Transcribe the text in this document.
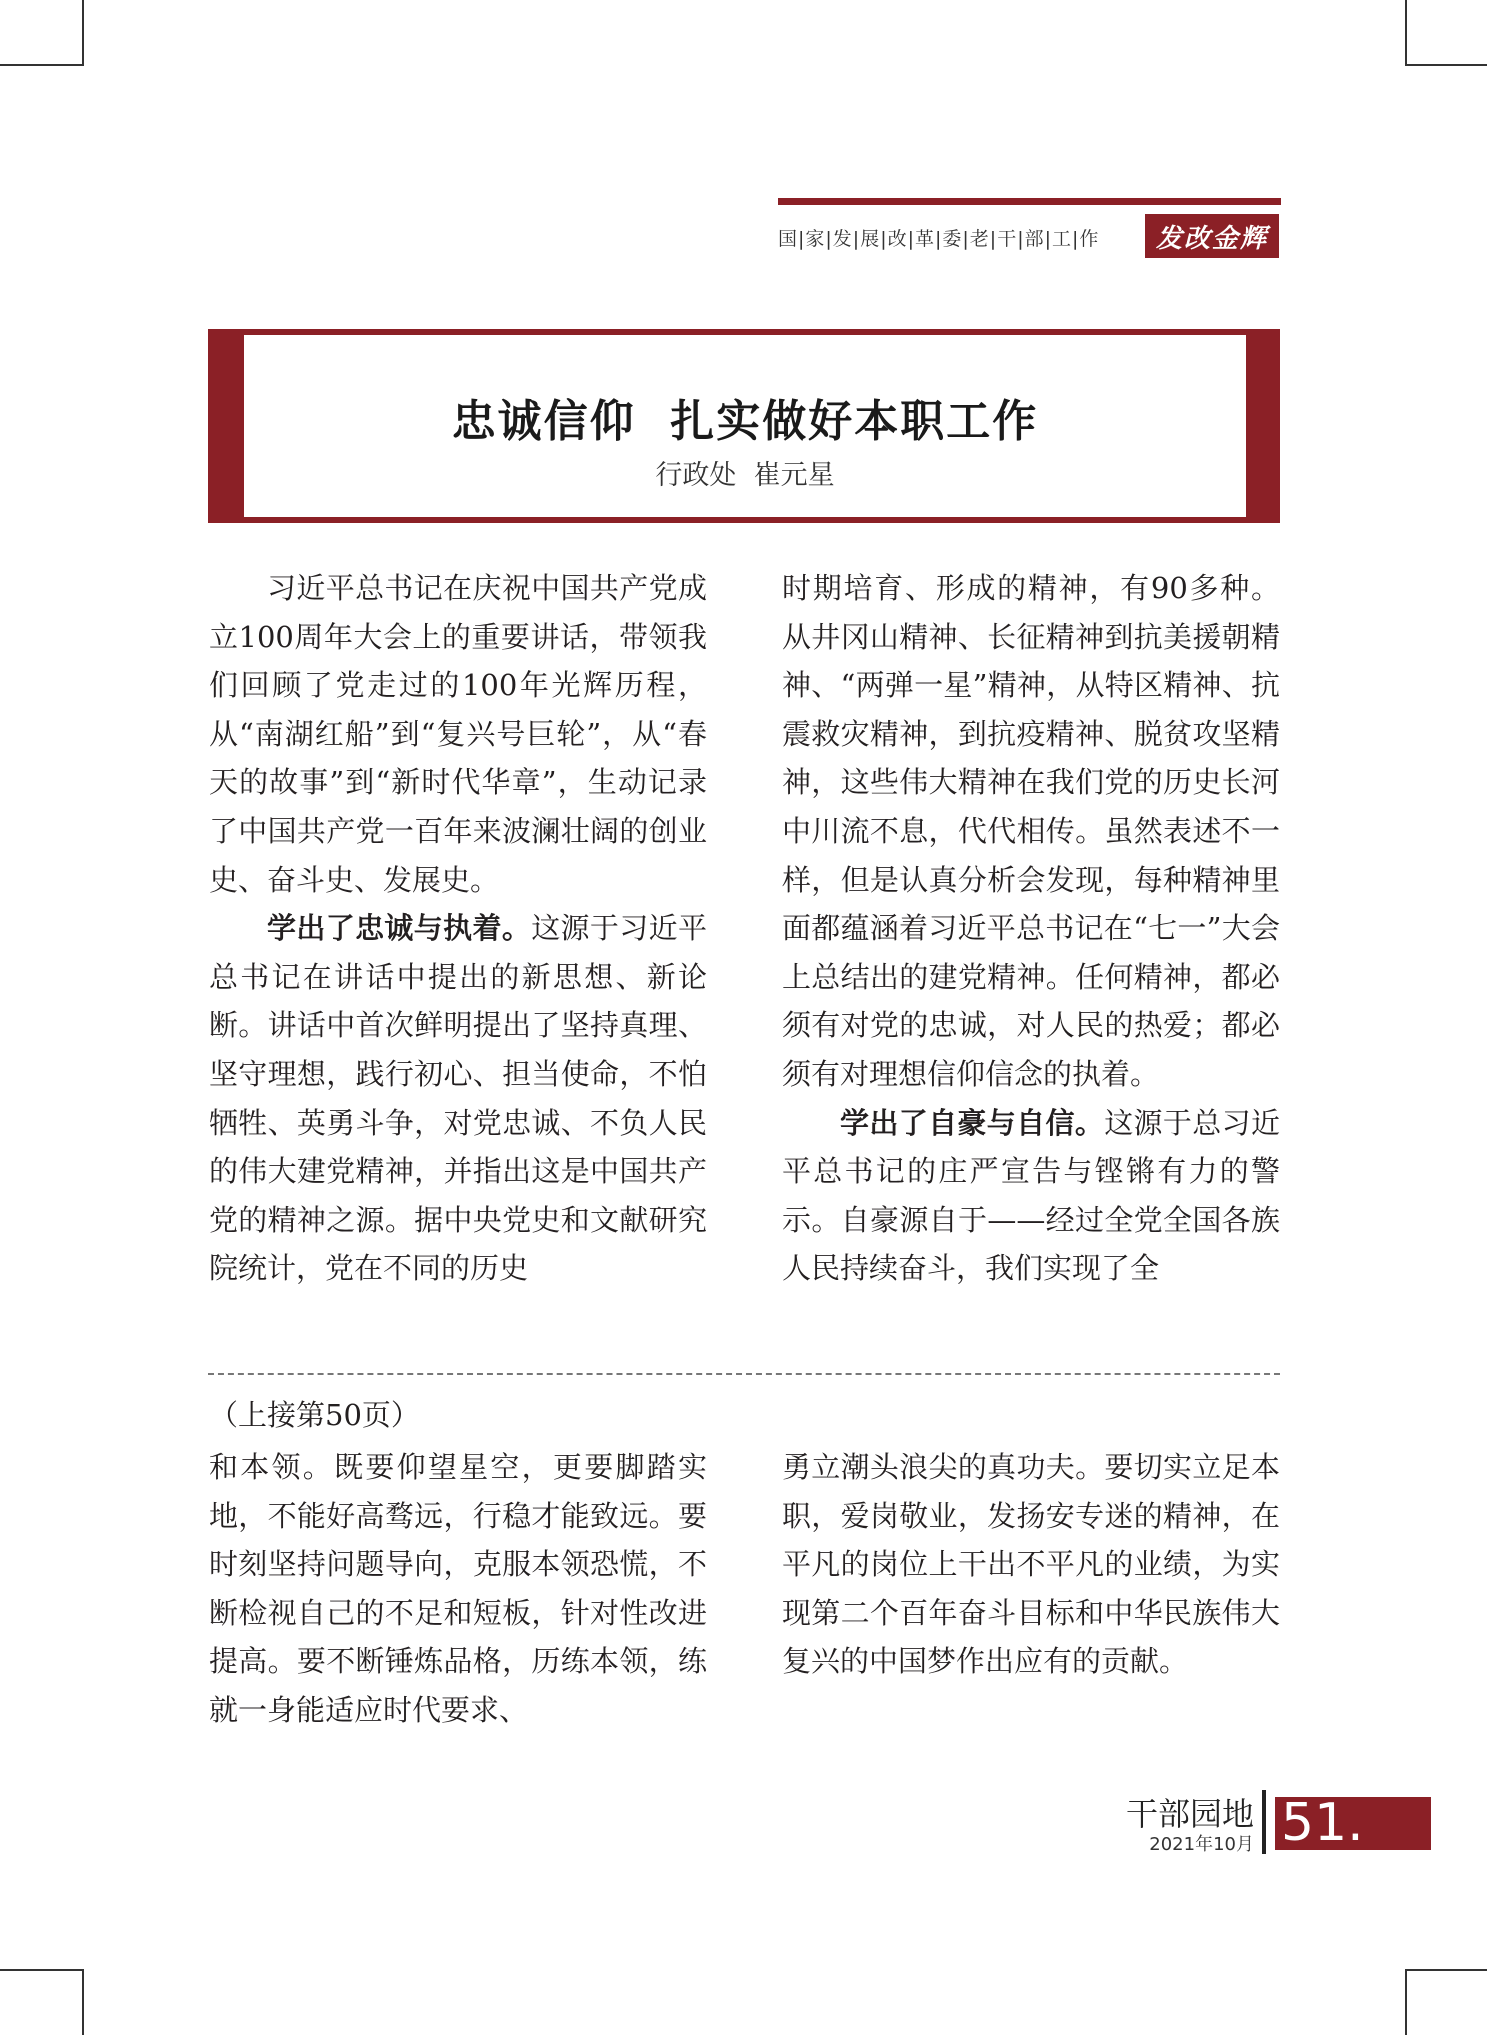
国|家|发|展|改|革|委|老|干|部|工|作	发改金辉
忠诚信仰  扎实做好本职工作
行政处  崔元星

习近平总书记在庆祝中国共产党成立100周年大会上的重要讲话，带领我们回顾了党走过的100年光辉历程，从“南湖红船”到“复兴号巨轮”，从“春天的故事”到“新时代华章”，生动记录了中国共产党一百年来波澜壮阔的创业史、奋斗史、发展史。

学出了忠诚与执着。这源于习近平总书记在讲话中提出的新思想、新论断。讲话中首次鲜明提出了坚持真理、坚守理想，践行初心、担当使命，不怕牺牲、英勇斗争，对党忠诚、不负人民的伟大建党精神，并指出这是中国共产党的精神之源。据中央党史和文献研究院统计，党在不同的历史

时期培育、形成的精神，有90多种。从井冈山精神、长征精神到抗美援朝精神、“两弹一星”精神，从特区精神、抗震救灾精神，到抗疫精神、脱贫攻坚精神，这些伟大精神在我们党的历史长河中川流不息，代代相传。虽然表述不一样，但是认真分析会发现，每种精神里面都蕴涵着习近平总书记在“七一”大会上总结出的建党精神。任何精神，都必须有对党的忠诚，对人民的热爱；都必须有对理想信仰信念的执着。

学出了自豪与自信。这源于总习近平总书记的庄严宣告与铿锵有力的警示。自豪源自于——经过全党全国各族人民持续奋斗，我们实现了全

（上接第50页）

和本领。既要仰望星空，更要脚踏实地，不能好高骛远，行稳才能致远。要时刻坚持问题导向，克服本领恐慌，不断检视自己的不足和短板，针对性改进提高。要不断锤炼品格，历练本领，练就一身能适应时代要求、

勇立潮头浪尖的真功夫。要切实立足本职，爱岗敬业，发扬安专迷的精神，在平凡的岗位上干出不平凡的业绩，为实现第二个百年奋斗目标和中华民族伟大复兴的中国梦作出应有的贡献。

干部园地
2021年10月 51.
